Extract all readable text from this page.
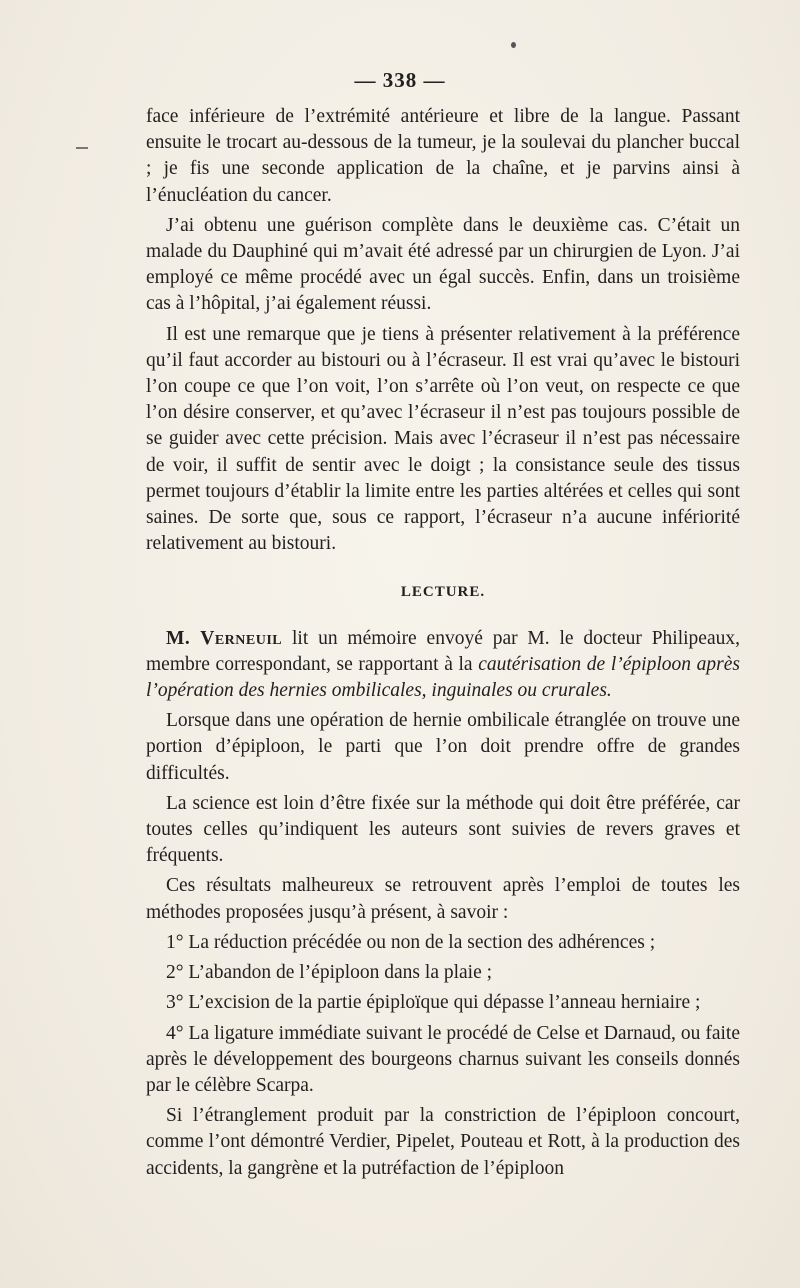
— 338 —

face inférieure de l’extrémité antérieure et libre de la langue. Passant ensuite le trocart au-dessous de la tumeur, je la soulevai du plancher buccal ; je fis une seconde application de la chaîne, et je parvins ainsi à l’énucléation du cancer.

J’ai obtenu une guérison complète dans le deuxième cas. C’était un malade du Dauphiné qui m’avait été adressé par un chirurgien de Lyon. J’ai employé ce même procédé avec un égal succès. Enfin, dans un troisième cas à l’hôpital, j’ai également réussi.

Il est une remarque que je tiens à présenter relativement à la préférence qu’il faut accorder au bistouri ou à l’écraseur. Il est vrai qu’avec le bistouri l’on coupe ce que l’on voit, l’on s’arrête où l’on veut, on respecte ce que l’on désire conserver, et qu’avec l’écraseur il n’est pas toujours possible de se guider avec cette précision. Mais avec l’écraseur il n’est pas nécessaire de voir, il suffit de sentir avec le doigt ; la consistance seule des tissus permet toujours d’établir la limite entre les parties altérées et celles qui sont saines. De sorte que, sous ce rapport, l’écraseur n’a aucune infériorité relativement au bistouri.

LECTURE.

M. Verneuil lit un mémoire envoyé par M. le docteur Philipeaux, membre correspondant, se rapportant à la cautérisation de l’épiploon après l’opération des hernies ombilicales, inguinales ou crurales.

Lorsque dans une opération de hernie ombilicale étranglée on trouve une portion d’épiploon, le parti que l’on doit prendre offre de grandes difficultés.

La science est loin d’être fixée sur la méthode qui doit être préférée, car toutes celles qu’indiquent les auteurs sont suivies de revers graves et fréquents.

Ces résultats malheureux se retrouvent après l’emploi de toutes les méthodes proposées jusqu’à présent, à savoir :

1° La réduction précédée ou non de la section des adhérences ;

2° L’abandon de l’épiploon dans la plaie ;

3° L’excision de la partie épiploïque qui dépasse l’anneau herniaire ;

4° La ligature immédiate suivant le procédé de Celse et Darnaud, ou faite après le développement des bourgeons charnus suivant les conseils donnés par le célèbre Scarpa.

Si l’étranglement produit par la constriction de l’épiploon concourt, comme l’ont démontré Verdier, Pipelet, Pouteau et Rott, à la production des accidents, la gangrène et la putréfaction de l’épiploon
